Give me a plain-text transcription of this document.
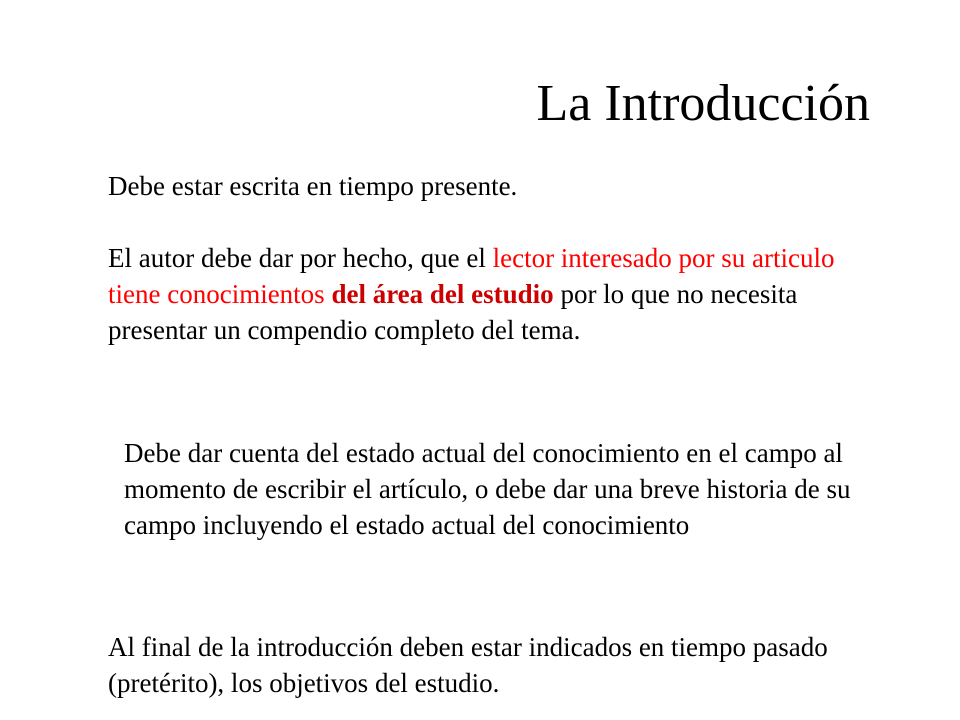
La Introducción

Debe estar escrita en tiempo presente.

El autor debe dar por hecho, que el lector interesado por su articulo tiene conocimientos del área del estudio por lo que no necesita presentar un compendio completo del tema.

Debe dar cuenta del estado actual del conocimiento en el campo al momento de escribir el artículo, o debe dar una breve historia de su campo incluyendo el estado actual del conocimiento

Al final de la introducción deben estar indicados en tiempo pasado (pretérito), los objetivos del estudio.
